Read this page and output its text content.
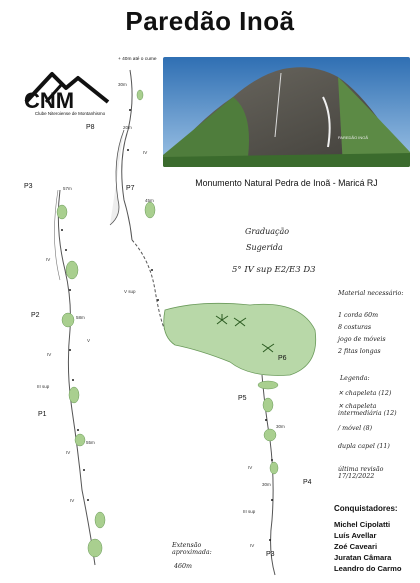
Paredão Inoã
CNM
Clube Niteroiense de Montanhismo
PAREDÃO INOÃ
Monumento Natural Pedra de Inoã - Maricá RJ
+ 40m até o cume
P8
P7
P6
P5
P4
P3
P3
P2
P1
30m
20m
45m
57m
58m
55m
30m
30m
IV
V
IV
III sup
IV
IV
V sup
III sup
IV
IV
IV
Graduação
Sugerida
5° IV sup E2/E3 D3
Material necessário:
1 corda 60m
8 costuras
jogo de móveis
2 fitas longas
Legenda:
✕ chapeleta (12)
✕ chapeleta intermediária (12)
/ móvel (8)
dupla capel (11)
última revisão 17/12/2022
Extensão aproximada:
460m
Conquistadores:
Michel Cipolatti
Luís Avellar
Zoé Caveari
Juratan Câmara
Leandro do Carmo
